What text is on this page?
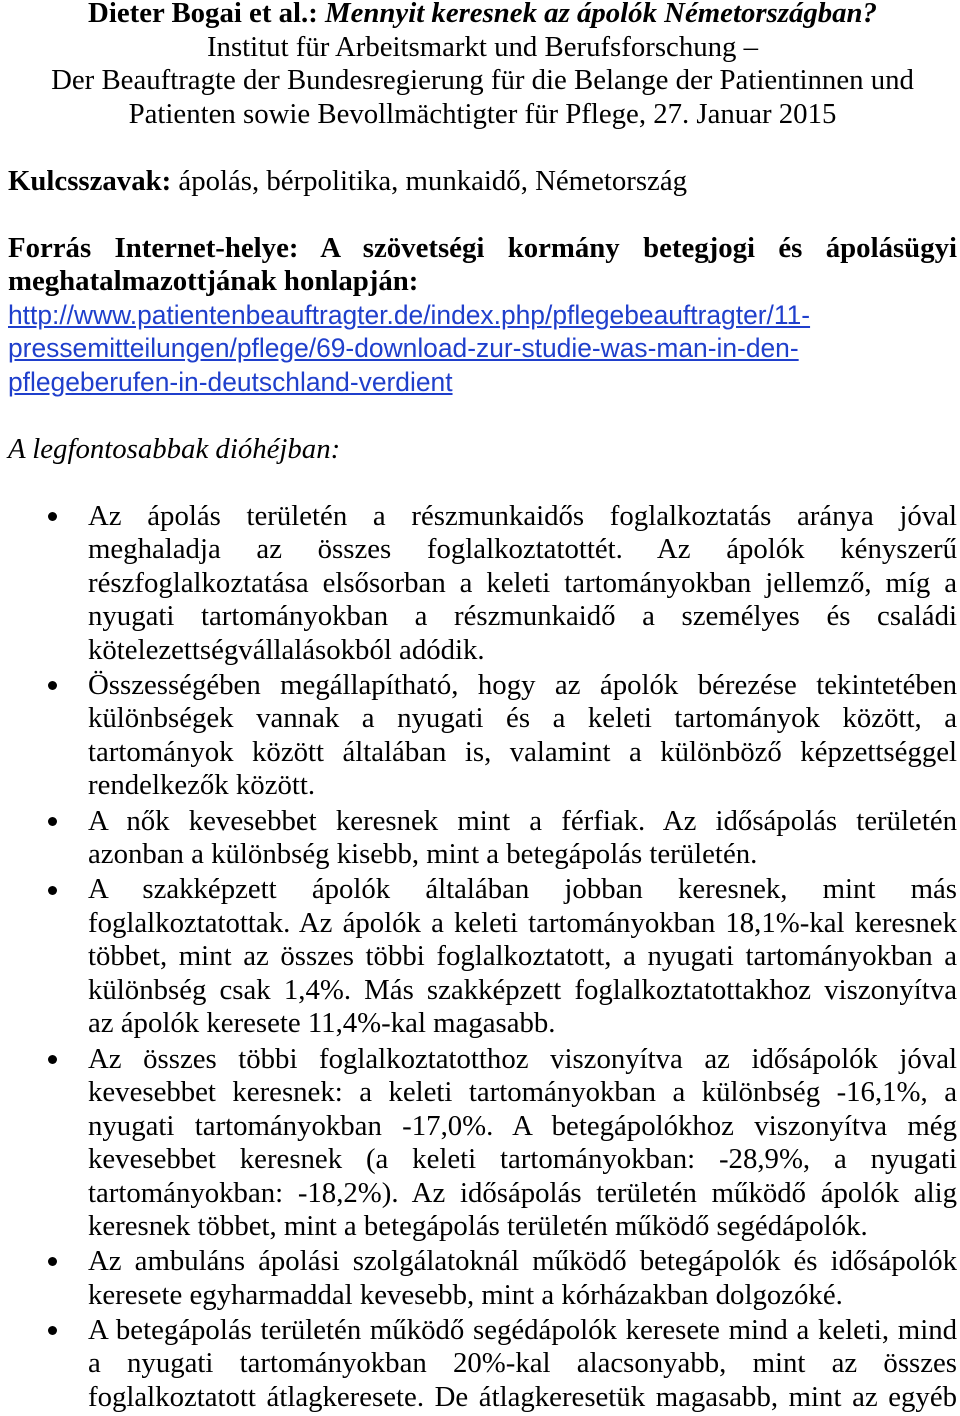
Dieter Bogai et al.: Mennyit keresnek az ápolók Németországban?
Institut für Arbeitsmarkt und Berufsforschung –
Der Beauftragte der Bundesregierung für die Belange der Patientinnen und Patienten sowie Bevollmächtigter für Pflege, 27. Januar 2015

Kulcsszavak: ápolás, bérpolitika, munkaidő, Németország

Forrás Internet-helye: A szövetségi kormány betegjogi és ápolásügyi meghatalmazottjának honlapján:

http://www.patientenbeauftragter.de/index.php/pflegebeauftragter/11-
pressemitteilungen/pflege/69-download-zur-studie-was-man-in-den-
pflegeberufen-in-deutschland-verdient

A legfontosabbak dióhéjban:

Az ápolás területén a részmunkaidős foglalkoztatás aránya jóval
meghaladja az összes foglalkoztatottét. Az ápolók kényszerű
részfoglalkoztatása elsősorban a keleti tartományokban jellemző, míg a
nyugati tartományokban a részmunkaidő a személyes és családi
kötelezettségvállalásokból adódik.
Összességében megállapítható, hogy az ápolók bérezése tekintetében
különbségek vannak a nyugati és a keleti tartományok között, a
tartományok között általában is, valamint a különböző képzettséggel
rendelkezők között.
A nők kevesebbet keresnek mint a férfiak. Az idősápolás területén
azonban a különbség kisebb, mint a betegápolás területén.
A szakképzett ápolók általában jobban keresnek, mint más
foglalkoztatottak. Az ápolók a keleti tartományokban 18,1%-kal keresnek
többet, mint az összes többi foglalkoztatott, a nyugati tartományokban a
különbség csak 1,4%. Más szakképzett foglalkoztatottakhoz viszonyítva
az ápolók keresete 11,4%-kal magasabb.
Az összes többi foglalkoztatotthoz viszonyítva az idősápolók jóval
kevesebbet keresnek: a keleti tartományokban a különbség -16,1%, a
nyugati tartományokban -17,0%. A betegápolókhoz viszonyítva még
kevesebbet keresnek (a keleti tartományokban: -28,9%, a nyugati
tartományokban: -18,2%). Az idősápolás területén működő ápolók alig
keresnek többet, mint a betegápolás területén működő segédápolók.
Az ambuláns ápolási szolgálatoknál működő betegápolók és idősápolók
keresete egyharmaddal kevesebb, mint a kórházakban dolgozóké.
A betegápolás területén működő segédápolók keresete mind a keleti, mind
a nyugati tartományokban 20%-kal alacsonyabb, mint az összes
foglalkoztatott átlagkeresete. De átlagkeresetük magasabb, mint az egyéb
